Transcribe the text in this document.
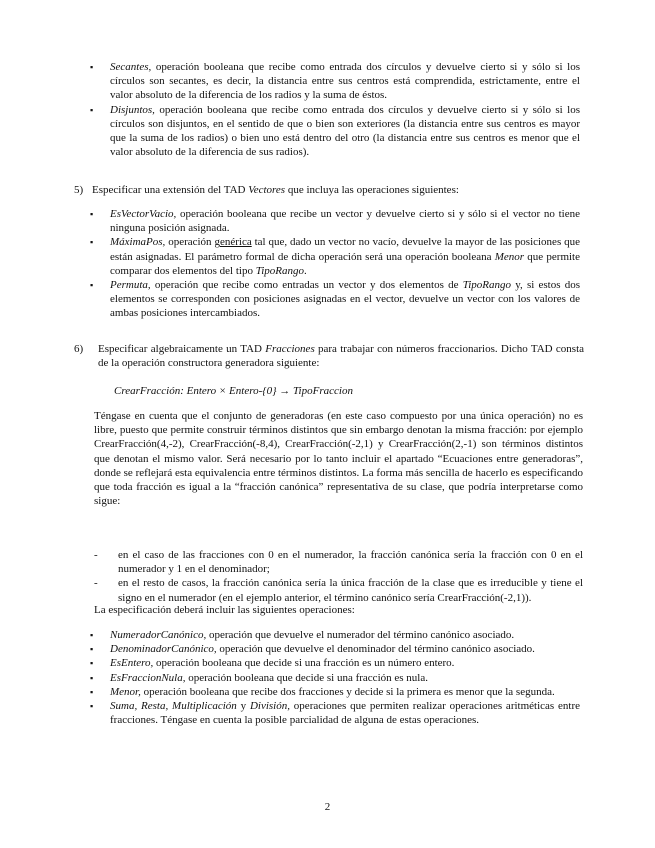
▪	Secantes, operación booleana que recibe como entrada dos círculos y devuelve cierto si y sólo si los círculos son secantes, es decir, la distancia entre sus centros está comprendida, estrictamente, entre el valor absoluto de la diferencia de los radios y la suma de éstos.
▪	Disjuntos, operación booleana que recibe como entrada dos círculos y devuelve cierto si y sólo si los círculos son disjuntos, en el sentido de que o bien son exteriores (la distancia entre sus centros es mayor que la suma de los radios) o bien uno está dentro del otro (la distancia entre sus centros es menor que el valor absoluto de la diferencia de sus radios).
5) Especificar una extensión del TAD Vectores que incluya las operaciones siguientes:
▪	EsVectorVacio, operación booleana que recibe un vector y devuelve cierto si y sólo si el vector no tiene ninguna posición asignada.
▪	MáximaPos, operación genérica tal que, dado un vector no vacío, devuelve la mayor de las posiciones que están asignadas. El parámetro formal de dicha operación será una operación booleana Menor que permite comparar dos elementos del tipo TipoRango.
▪	Permuta, operación que recibe como entradas un vector y dos elementos de TipoRango y, si estos dos elementos se corresponden con posiciones asignadas en el vector, devuelve un vector con los valores de ambas posiciones intercambiados.
6)	Especificar algebraicamente un TAD Fracciones para trabajar con números fraccionarios. Dicho TAD consta de la operación constructora generadora siguiente:
CrearFracción: Entero × Entero-{0} → TipoFraccion
Téngase en cuenta que el conjunto de generadoras (en este caso compuesto por una única operación) no es libre, puesto que permite construir términos distintos que sin embargo denotan la misma fracción: por ejemplo CrearFracción(4,-2), CrearFracción(-8,4), CrearFracción(-2,1) y CrearFracción(2,-1) son términos distintos que denotan el mismo valor. Será necesario por lo tanto incluir el apartado “Ecuaciones entre generadoras”, donde se reflejará esta equivalencia entre términos distintos. La forma más sencilla de hacerlo es especificando que toda fracción es igual a la “fracción canónica” representativa de su clase, que podría interpretarse como sigue:
- en el caso de las fracciones con 0 en el numerador, la fracción canónica sería la fracción con 0 en el numerador y 1 en el denominador;
- en el resto de casos, la fracción canónica sería la única fracción de la clase que es irreducible y tiene el signo en el numerador (en el ejemplo anterior, el término canónico sería CrearFracción(-2,1)).
La especificación deberá incluir las siguientes operaciones:
▪	NumeradorCanónico, operación que devuelve el numerador del término canónico asociado.
▪	DenominadorCanónico, operación que devuelve el denominador del término canónico asociado.
▪	EsEntero, operación booleana que decide si una fracción es un número entero.
▪	EsFraccionNula, operación booleana que decide si una fracción es nula.
▪	Menor, operación booleana que recibe dos fracciones y decide si la primera es menor que la segunda.
▪	Suma, Resta, Multiplicación y División, operaciones que permiten realizar operaciones aritméticas entre fracciones. Téngase en cuenta la posible parcialidad de alguna de estas operaciones.
2
